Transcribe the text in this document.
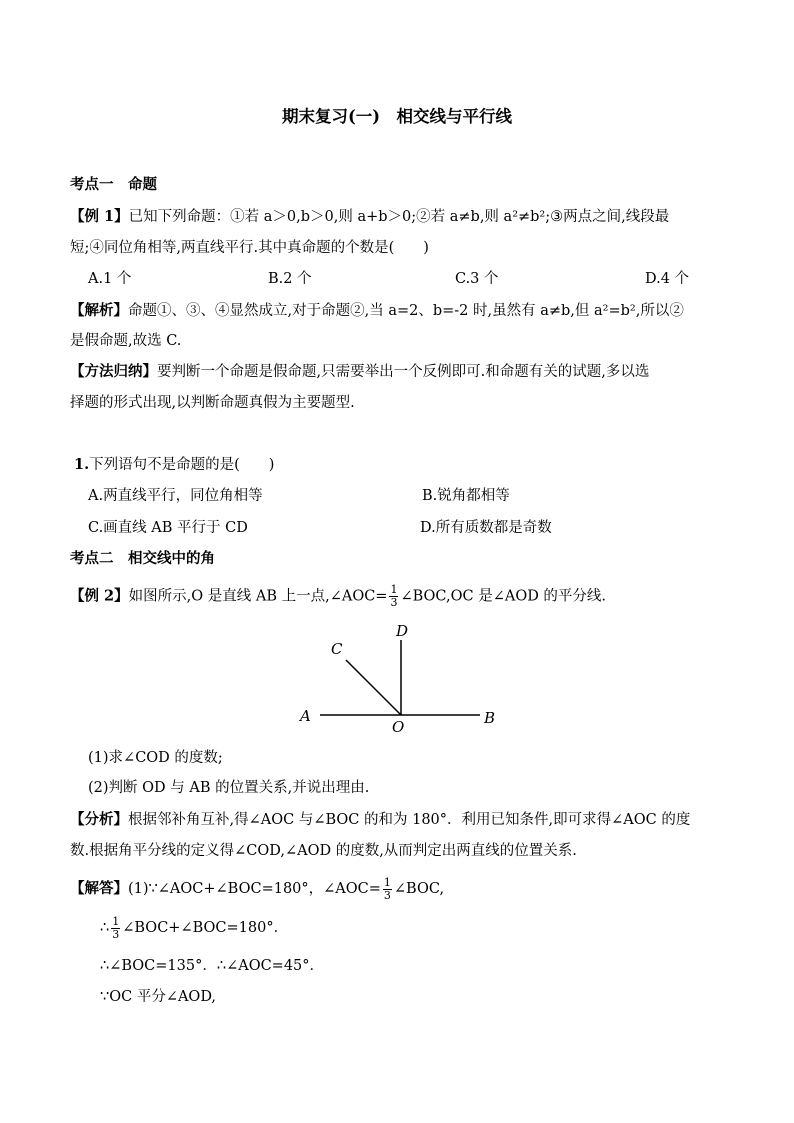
期末复习(一)　相交线与平行线
考点一　命题
【例 1】已知下列命题：①若 a＞0,b＞0,则 a+b＞0;②若 a≠b,则 a²≠b²;③两点之间,线段最
短;④同位角相等,两直线平行.其中真命题的个数是(　　)
A.1 个	B.2 个	C.3 个	D.4 个
【解析】命题①、③、④显然成立,对于命题②,当 a=2、b=-2 时,虽然有 a≠b,但 a²=b²,所以②
是假命题,故选 C.
【方法归纳】要判断一个命题是假命题,只需要举出一个反例即可.和命题有关的试题,多以选
择题的形式出现,以判断命题真假为主要题型.
1.下列语句不是命题的是(　　)
A.两直线平行，同位角相等	B.锐角都相等
C.画直线 AB 平行于 CD	D.所有质数都是奇数
考点二　相交线中的角
【例 2】如图所示,O 是直线 AB 上一点,∠AOC= $\frac{1}{3}$ ∠BOC,OC 是∠AOD 的平分线.
A	B
C
D
O
(1)求∠COD 的度数;
(2)判断 OD 与 AB 的位置关系,并说出理由.
【分析】根据邻补角互补,得∠AOC 与∠BOC 的和为 180°．利用已知条件,即可求得∠AOC 的度
数.根据角平分线的定义得∠COD,∠AOD 的度数,从而判定出两直线的位置关系.
【解答】(1)∵∠AOC+∠BOC=180°，∠AOC= $\frac{1}{3}$ ∠BOC,
∴ $\frac{1}{3}$ ∠BOC+∠BOC=180°．
∴∠BOC=135°．∴∠AOC=45°．
∵OC 平分∠AOD,
